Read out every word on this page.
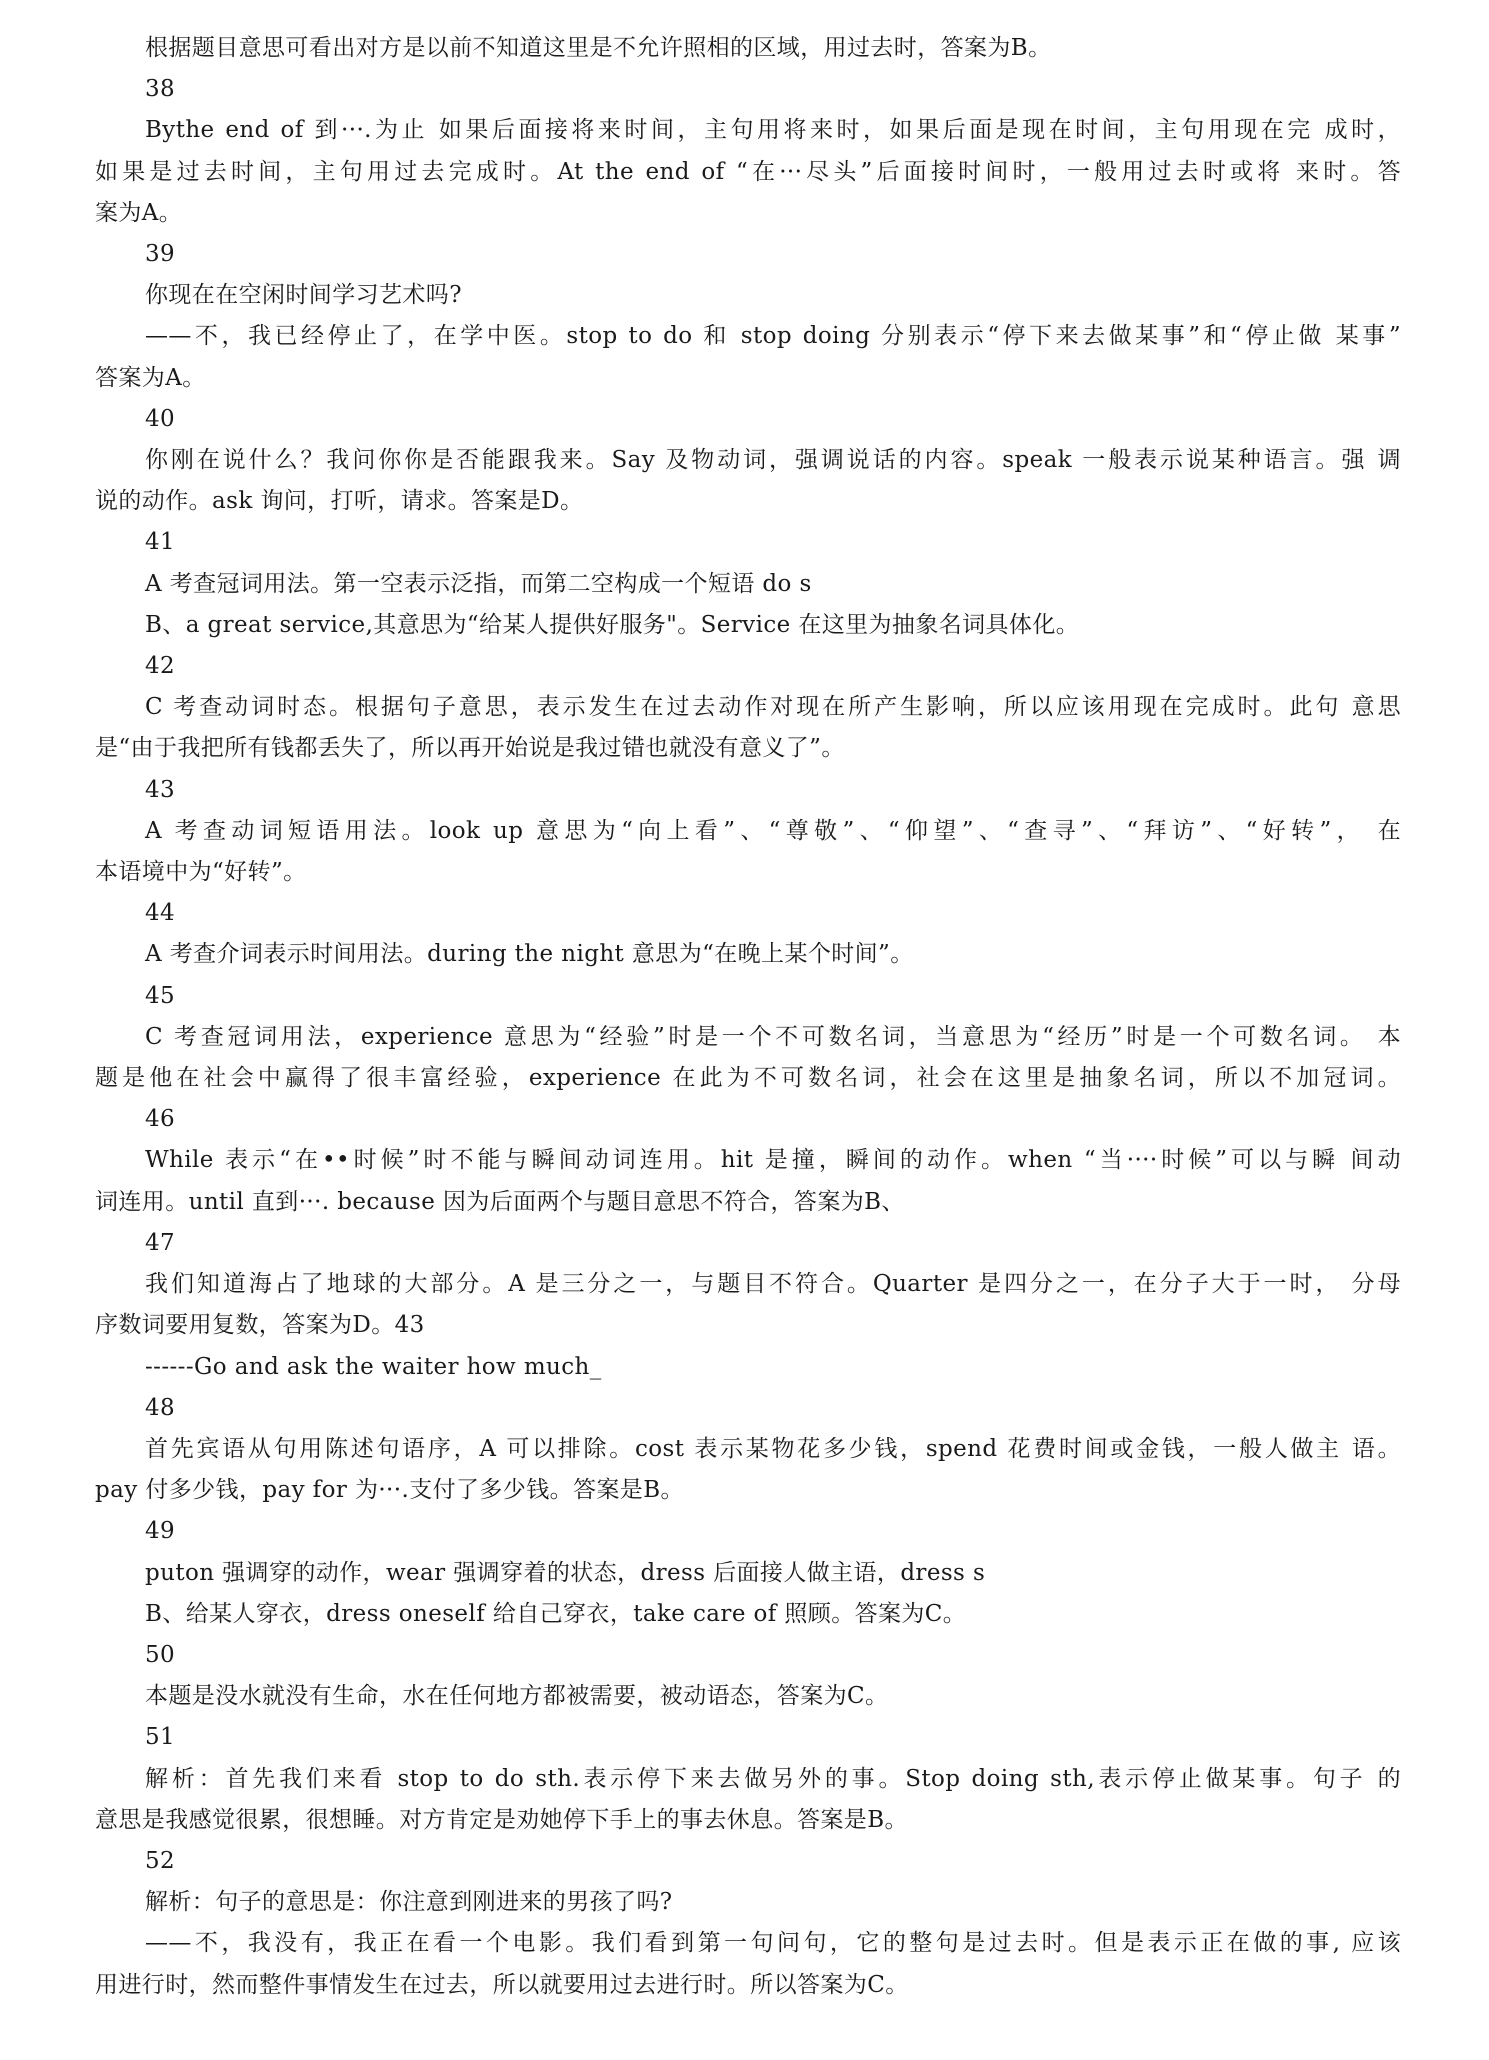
根据题目意思可看出对方是以前不知道这里是不允许照相的区域，用过去时，答案为B。
38
Bythe end of 到···.为止 如果后面接将来时间，主句用将来时，如果后面是现在时间，主句用现在完 成时，
如果是过去时间，主句用过去完成时。At the end of “在···尽头”后面接时间时，一般用过去时或将 来时。答
案为A。
39
你现在在空闲时间学习艺术吗?
——不，我已经停止了，在学中医。stop to do 和 stop doing 分别表示“停下来去做某事”和“停止做 某事”
答案为A。
40
你刚在说什么？我问你你是否能跟我来。Say 及物动词，强调说话的内容。speak 一般表示说某种语言。强 调
说的动作。ask 询问，打听，请求。答案是D。
41
A 考查冠词用法。第一空表示泛指，而第二空构成一个短语 do s
B、a great service,其意思为“给某人提供好服务"。Service 在这里为抽象名词具体化。
42
C 考查动词时态。根据句子意思，表示发生在过去动作对现在所产生影响，所以应该用现在完成时。此句 意思
是“由于我把所有钱都丢失了，所以再开始说是我过错也就没有意义了”。
43
A 考查动词短语用法。look up 意思为“向上看”、“尊敬”、“仰望”、“查寻”、“拜访”、“好转”， 在
本语境中为“好转”。
44
A 考查介词表示时间用法。during the night 意思为“在晚上某个时间”。
45
C 考查冠词用法，experience 意思为“经验”时是一个不可数名词，当意思为“经历”时是一个可数名词。 本
题是他在社会中赢得了很丰富经验，experience 在此为不可数名词，社会在这里是抽象名词，所以不加冠词。
46
While 表示“在••时候”时不能与瞬间动词连用。hit 是撞，瞬间的动作。when “当····时候”可以与瞬 间动
词连用。until 直到···. because 因为后面两个与题目意思不符合，答案为B、
47
我们知道海占了地球的大部分。A 是三分之一，与题目不符合。Quarter 是四分之一，在分子大于一时， 分母
序数词要用复数，答案为D。43
------Go and ask the waiter how much_
48
首先宾语从句用陈述句语序，A 可以排除。cost 表示某物花多少钱，spend 花费时间或金钱，一般人做主 语。
pay 付多少钱，pay for 为···.支付了多少钱。答案是B。
49
puton 强调穿的动作，wear 强调穿着的状态，dress 后面接人做主语，dress s
B、给某人穿衣，dress oneself 给自己穿衣，take care of 照顾。答案为C。
50
本题是没水就没有生命，水在任何地方都被需要，被动语态，答案为C。
51
解析：首先我们来看 stop to do sth.表示停下来去做另外的事。Stop doing sth,表示停止做某事。句子 的
意思是我感觉很累，很想睡。对方肯定是劝她停下手上的事去休息。答案是B。
52
解析：句子的意思是：你注意到刚进来的男孩了吗?
——不，我没有，我正在看一个电影。我们看到第一句问句，它的整句是过去时。但是表示正在做的事, 应该
用进行时，然而整件事情发生在过去，所以就要用过去进行时。所以答案为C。
